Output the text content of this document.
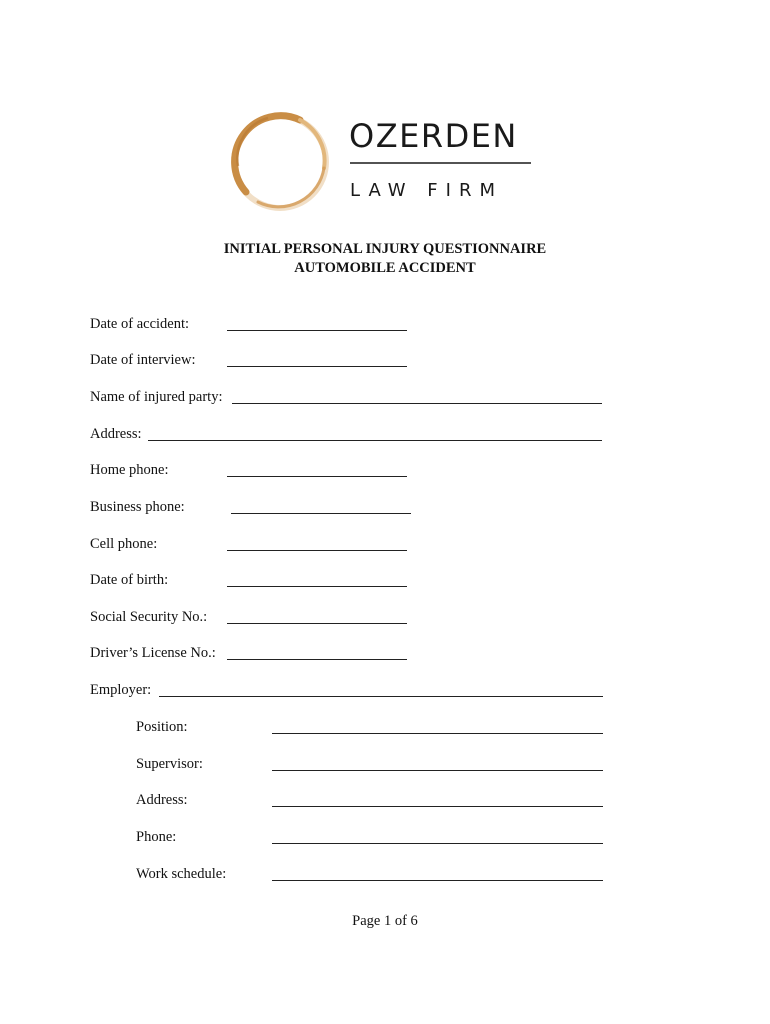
OZERDEN
LAW FIRM
INITIAL PERSONAL INJURY QUESTIONNAIRE
AUTOMOBILE ACCIDENT
Date of accident:
Date of interview:
Name of injured party:
Address:
Home phone:
Business phone:
Cell phone:
Date of birth:
Social Security No.:
Driver’s License No.:
Employer:
Position:
Supervisor:
Address:
Phone:
Work schedule:
Page 1 of 6
